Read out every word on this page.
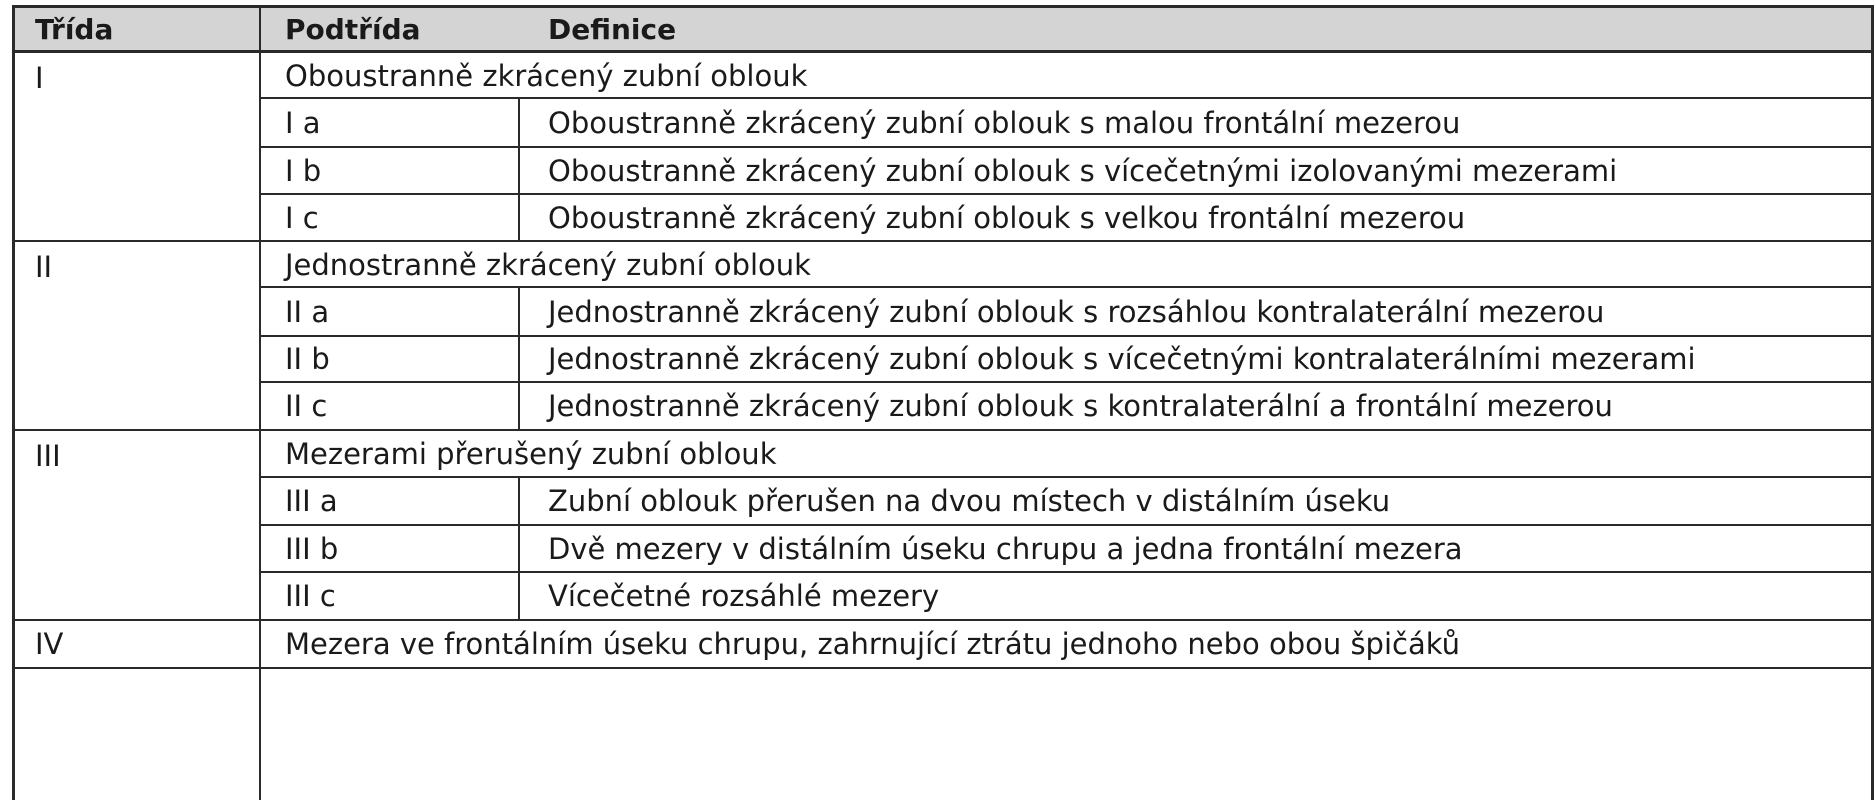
Třída	Podtřída	Definice
I	Oboustranně zkrácený zubní oblouk
I a	Oboustranně zkrácený zubní oblouk s malou frontální mezerou
I b	Oboustranně zkrácený zubní oblouk s vícečetnými izolovanými mezerami
I c	Oboustranně zkrácený zubní oblouk s velkou frontální mezerou
II	Jednostranně zkrácený zubní oblouk
II a	Jednostranně zkrácený zubní oblouk s rozsáhlou kontralaterální mezerou
II b	Jednostranně zkrácený zubní oblouk s vícečetnými kontralaterálními mezerami
II c	Jednostranně zkrácený zubní oblouk s kontralaterální a frontální mezerou
III	Mezerami přerušený zubní oblouk
III a	Zubní oblouk přerušen na dvou místech v distálním úseku
III b	Dvě mezery v distálním úseku chrupu a jedna frontální mezera
III c	Vícečetné rozsáhlé mezery
IV	Mezera ve frontálním úseku chrupu, zahrnující ztrátu jednoho nebo obou špičáků
